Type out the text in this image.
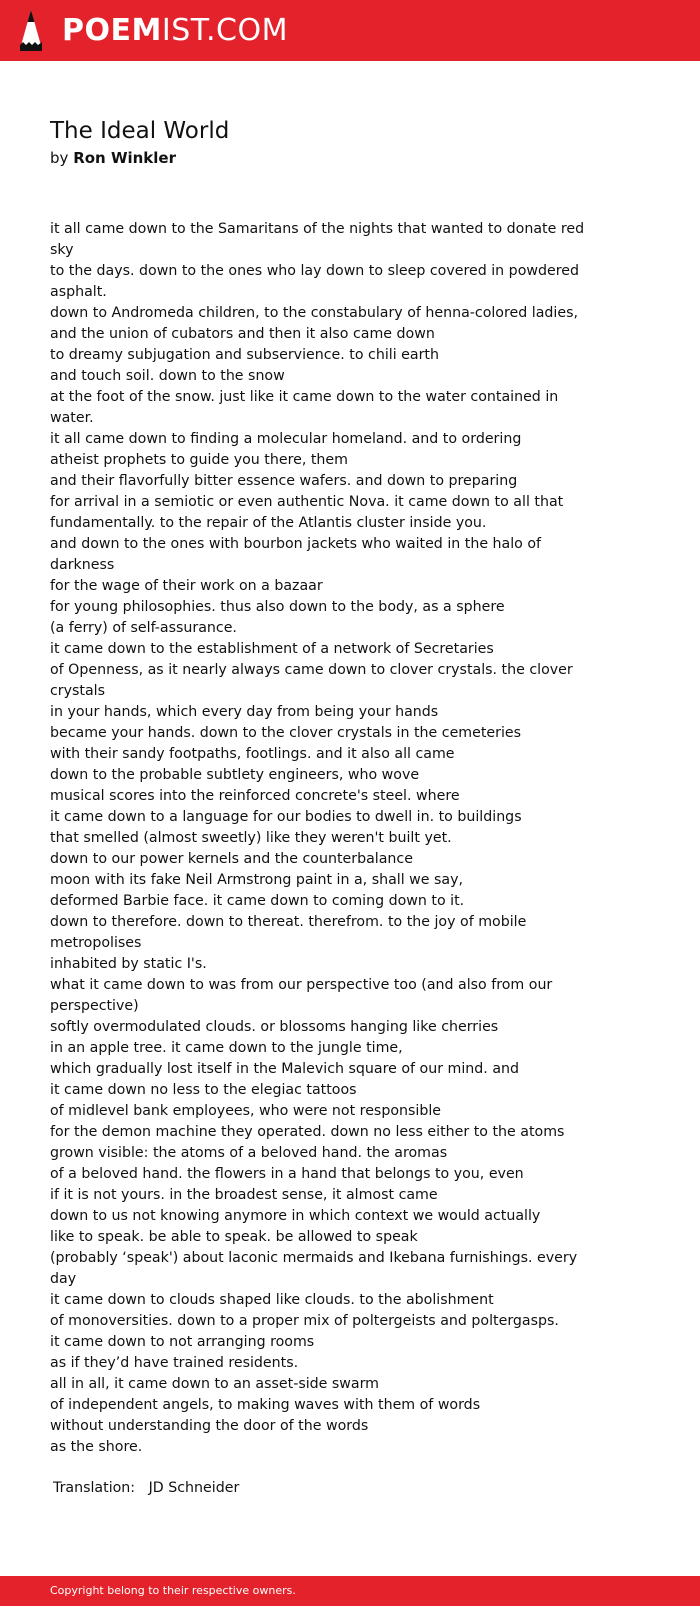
POEMIST.COM
The Ideal World
by Ron Winkler
it all came down to the Samaritans of the nights that wanted to donate red
sky
to the days. down to the ones who lay down to sleep covered in powdered
asphalt.
down to Andromeda children, to the constabulary of henna-colored ladies,
and the union of cubators and then it also came down
to dreamy subjugation and subservience. to chili earth
and touch soil. down to the snow
at the foot of the snow. just like it came down to the water contained in
water.
it all came down to finding a molecular homeland. and to ordering
atheist prophets to guide you there, them
and their flavorfully bitter essence wafers. and down to preparing
for arrival in a semiotic or even authentic Nova. it came down to all that
fundamentally. to the repair of the Atlantis cluster inside you.
and down to the ones with bourbon jackets who waited in the halo of
darkness
for the wage of their work on a bazaar
for young philosophies. thus also down to the body, as a sphere
(a ferry) of self-assurance.
it came down to the establishment of a network of Secretaries
of Openness, as it nearly always came down to clover crystals. the clover
crystals
in your hands, which every day from being your hands
became your hands. down to the clover crystals in the cemeteries
with their sandy footpaths, footlings. and it also all came
down to the probable subtlety engineers, who wove
musical scores into the reinforced concrete's steel. where
it came down to a language for our bodies to dwell in. to buildings
that smelled (almost sweetly) like they weren't built yet.
down to our power kernels and the counterbalance
moon with its fake Neil Armstrong paint in a, shall we say,
deformed Barbie face. it came down to coming down to it.
down to therefore. down to thereat. therefrom. to the joy of mobile
metropolises
inhabited by static I's.
what it came down to was from our perspective too (and also from our
perspective)
softly overmodulated clouds. or blossoms hanging like cherries
in an apple tree. it came down to the jungle time,
which gradually lost itself in the Malevich square of our mind. and
it came down no less to the elegiac tattoos
of midlevel bank employees, who were not responsible
for the demon machine they operated. down no less either to the atoms
grown visible: the atoms of a beloved hand. the aromas
of a beloved hand. the flowers in a hand that belongs to you, even
if it is not yours. in the broadest sense, it almost came
down to us not knowing anymore in which context we would actually
like to speak. be able to speak. be allowed to speak
(probably ‘speak') about laconic mermaids and Ikebana furnishings. every
day
it came down to clouds shaped like clouds. to the abolishment
of monoversities. down to a proper mix of poltergeists and poltergasps.
it came down to not arranging rooms
as if they’d have trained residents.
all in all, it came down to an asset-side swarm
of independent angels, to making waves with them of words
without understanding the door of the words
as the shore.
Translation: JD Schneider
Copyright belong to their respective owners.
